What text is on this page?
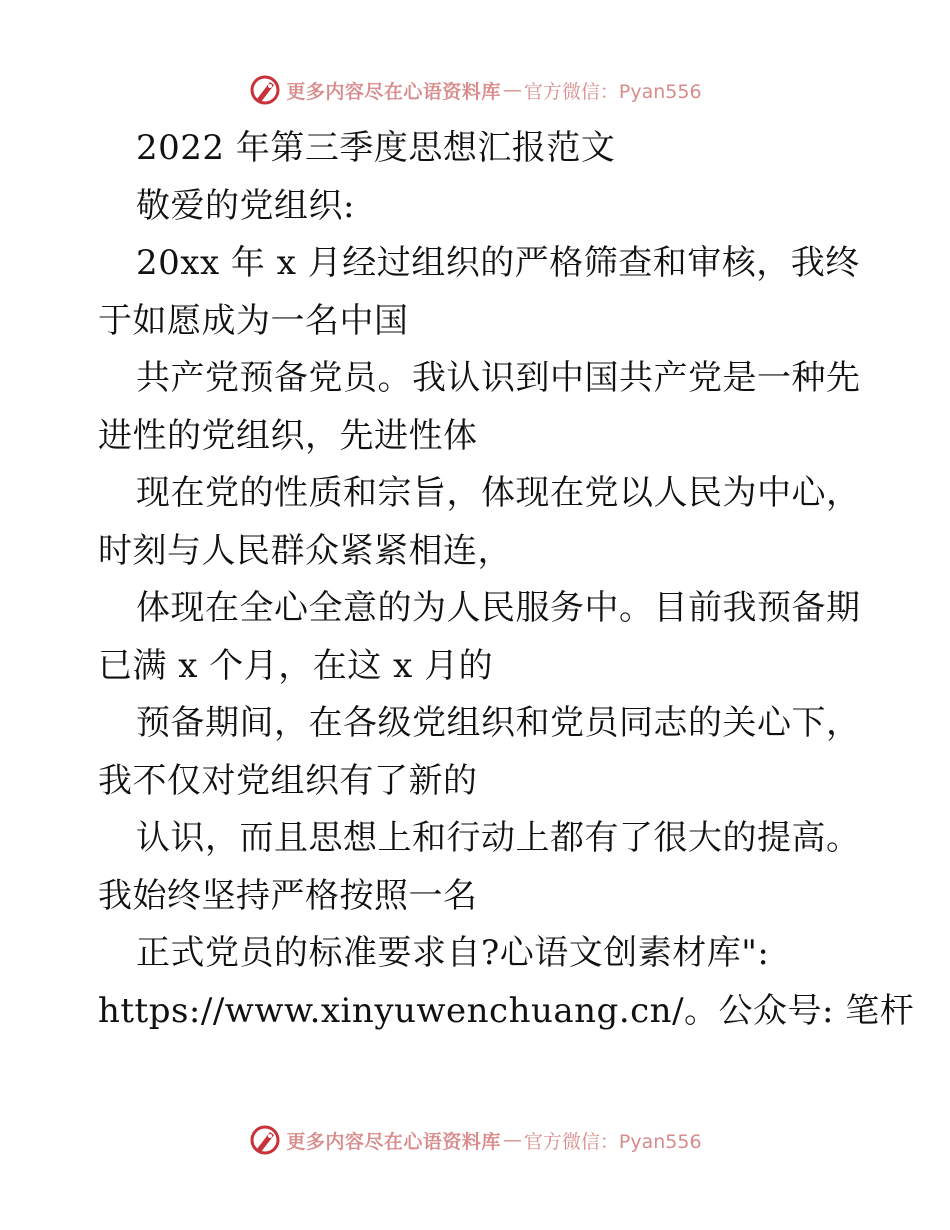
更多内容尽在心语资料库 — 官方微信：Pyan556
2022 年第三季度思想汇报范文
敬爱的党组织:
20xx 年 x 月经过组织的严格筛查和审核，我终
于如愿成为一名中国
共产党预备党员。我认识到中国共产党是一种先
进性的党组织，先进性体
现在党的性质和宗旨，体现在党以人民为中心，
时刻与人民群众紧紧相连，
体现在全心全意的为人民服务中。目前我预备期
已满 x 个月，在这 x 月的
预备期间，在各级党组织和党员同志的关心下，
我不仅对党组织有了新的
认识，而且思想上和行动上都有了很大的提高。
我始终坚持严格按照一名
正式党员的标准要求自?心语文创素材库":
https://www.xinyuwenchuang.cn/。公众号: 笔杆
更多内容尽在心语资料库 — 官方微信：Pyan556
